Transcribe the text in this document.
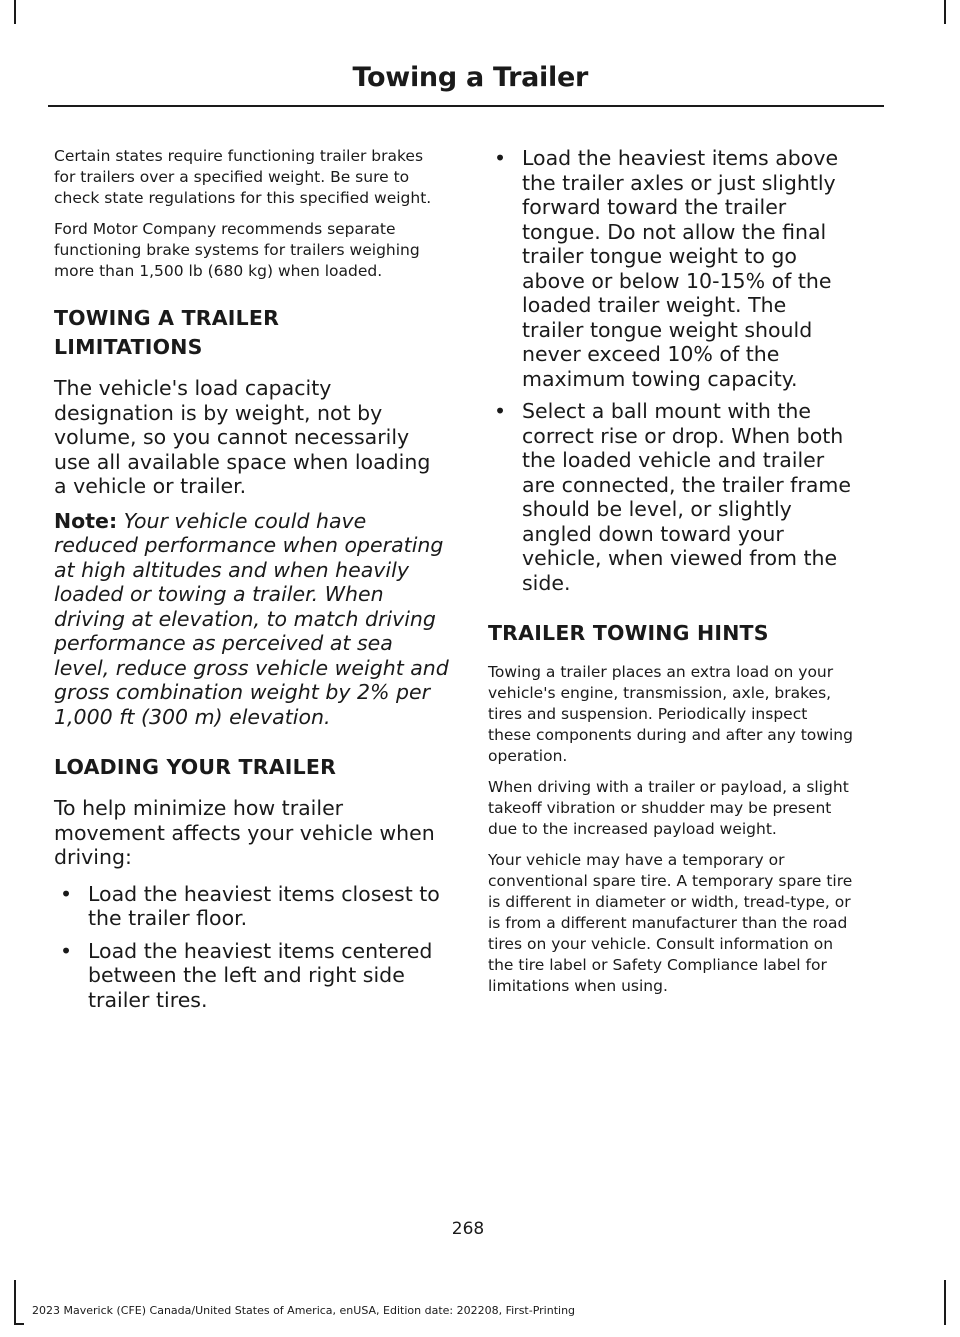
Towing a Trailer

Certain states require functioning trailer brakes for trailers over a specified weight. Be sure to check state regulations for this specified weight.

Ford Motor Company recommends separate functioning brake systems for trailers weighing more than 1,500 lb (680 kg) when loaded.

TOWING A TRAILER
LIMITATIONS

The vehicle's load capacity designation is by weight, not by volume, so you cannot necessarily use all available space when loading a vehicle or trailer.

Note: Your vehicle could have reduced performance when operating at high altitudes and when heavily loaded or towing a trailer. When driving at elevation, to match driving performance as perceived at sea level, reduce gross vehicle weight and gross combination weight by 2% per 1,000 ft (300 m) elevation.

LOADING YOUR TRAILER

To help minimize how trailer movement affects your vehicle when driving:

• Load the heaviest items closest to the trailer floor.
• Load the heaviest items centered between the left and right side trailer tires.
• Load the heaviest items above the trailer axles or just slightly forward toward the trailer tongue. Do not allow the final trailer tongue weight to go above or below 10-15% of the loaded trailer weight. The trailer tongue weight should never exceed 10% of the maximum towing capacity.
• Select a ball mount with the correct rise or drop. When both the loaded vehicle and trailer are connected, the trailer frame should be level, or slightly angled down toward your vehicle, when viewed from the side.
TRAILER TOWING HINTS

Towing a trailer places an extra load on your vehicle's engine, transmission, axle, brakes, tires and suspension. Periodically inspect these components during and after any towing operation.

When driving with a trailer or payload, a slight takeoff vibration or shudder may be present due to the increased payload weight.

Your vehicle may have a temporary or conventional spare tire. A temporary spare tire is different in diameter or width, tread-type, or is from a different manufacturer than the road tires on your vehicle. Consult information on the tire label or Safety Compliance label for limitations when using.

268
2023 Maverick (CFE) Canada/United States of America, enUSA, Edition date: 202208, First-Printing
